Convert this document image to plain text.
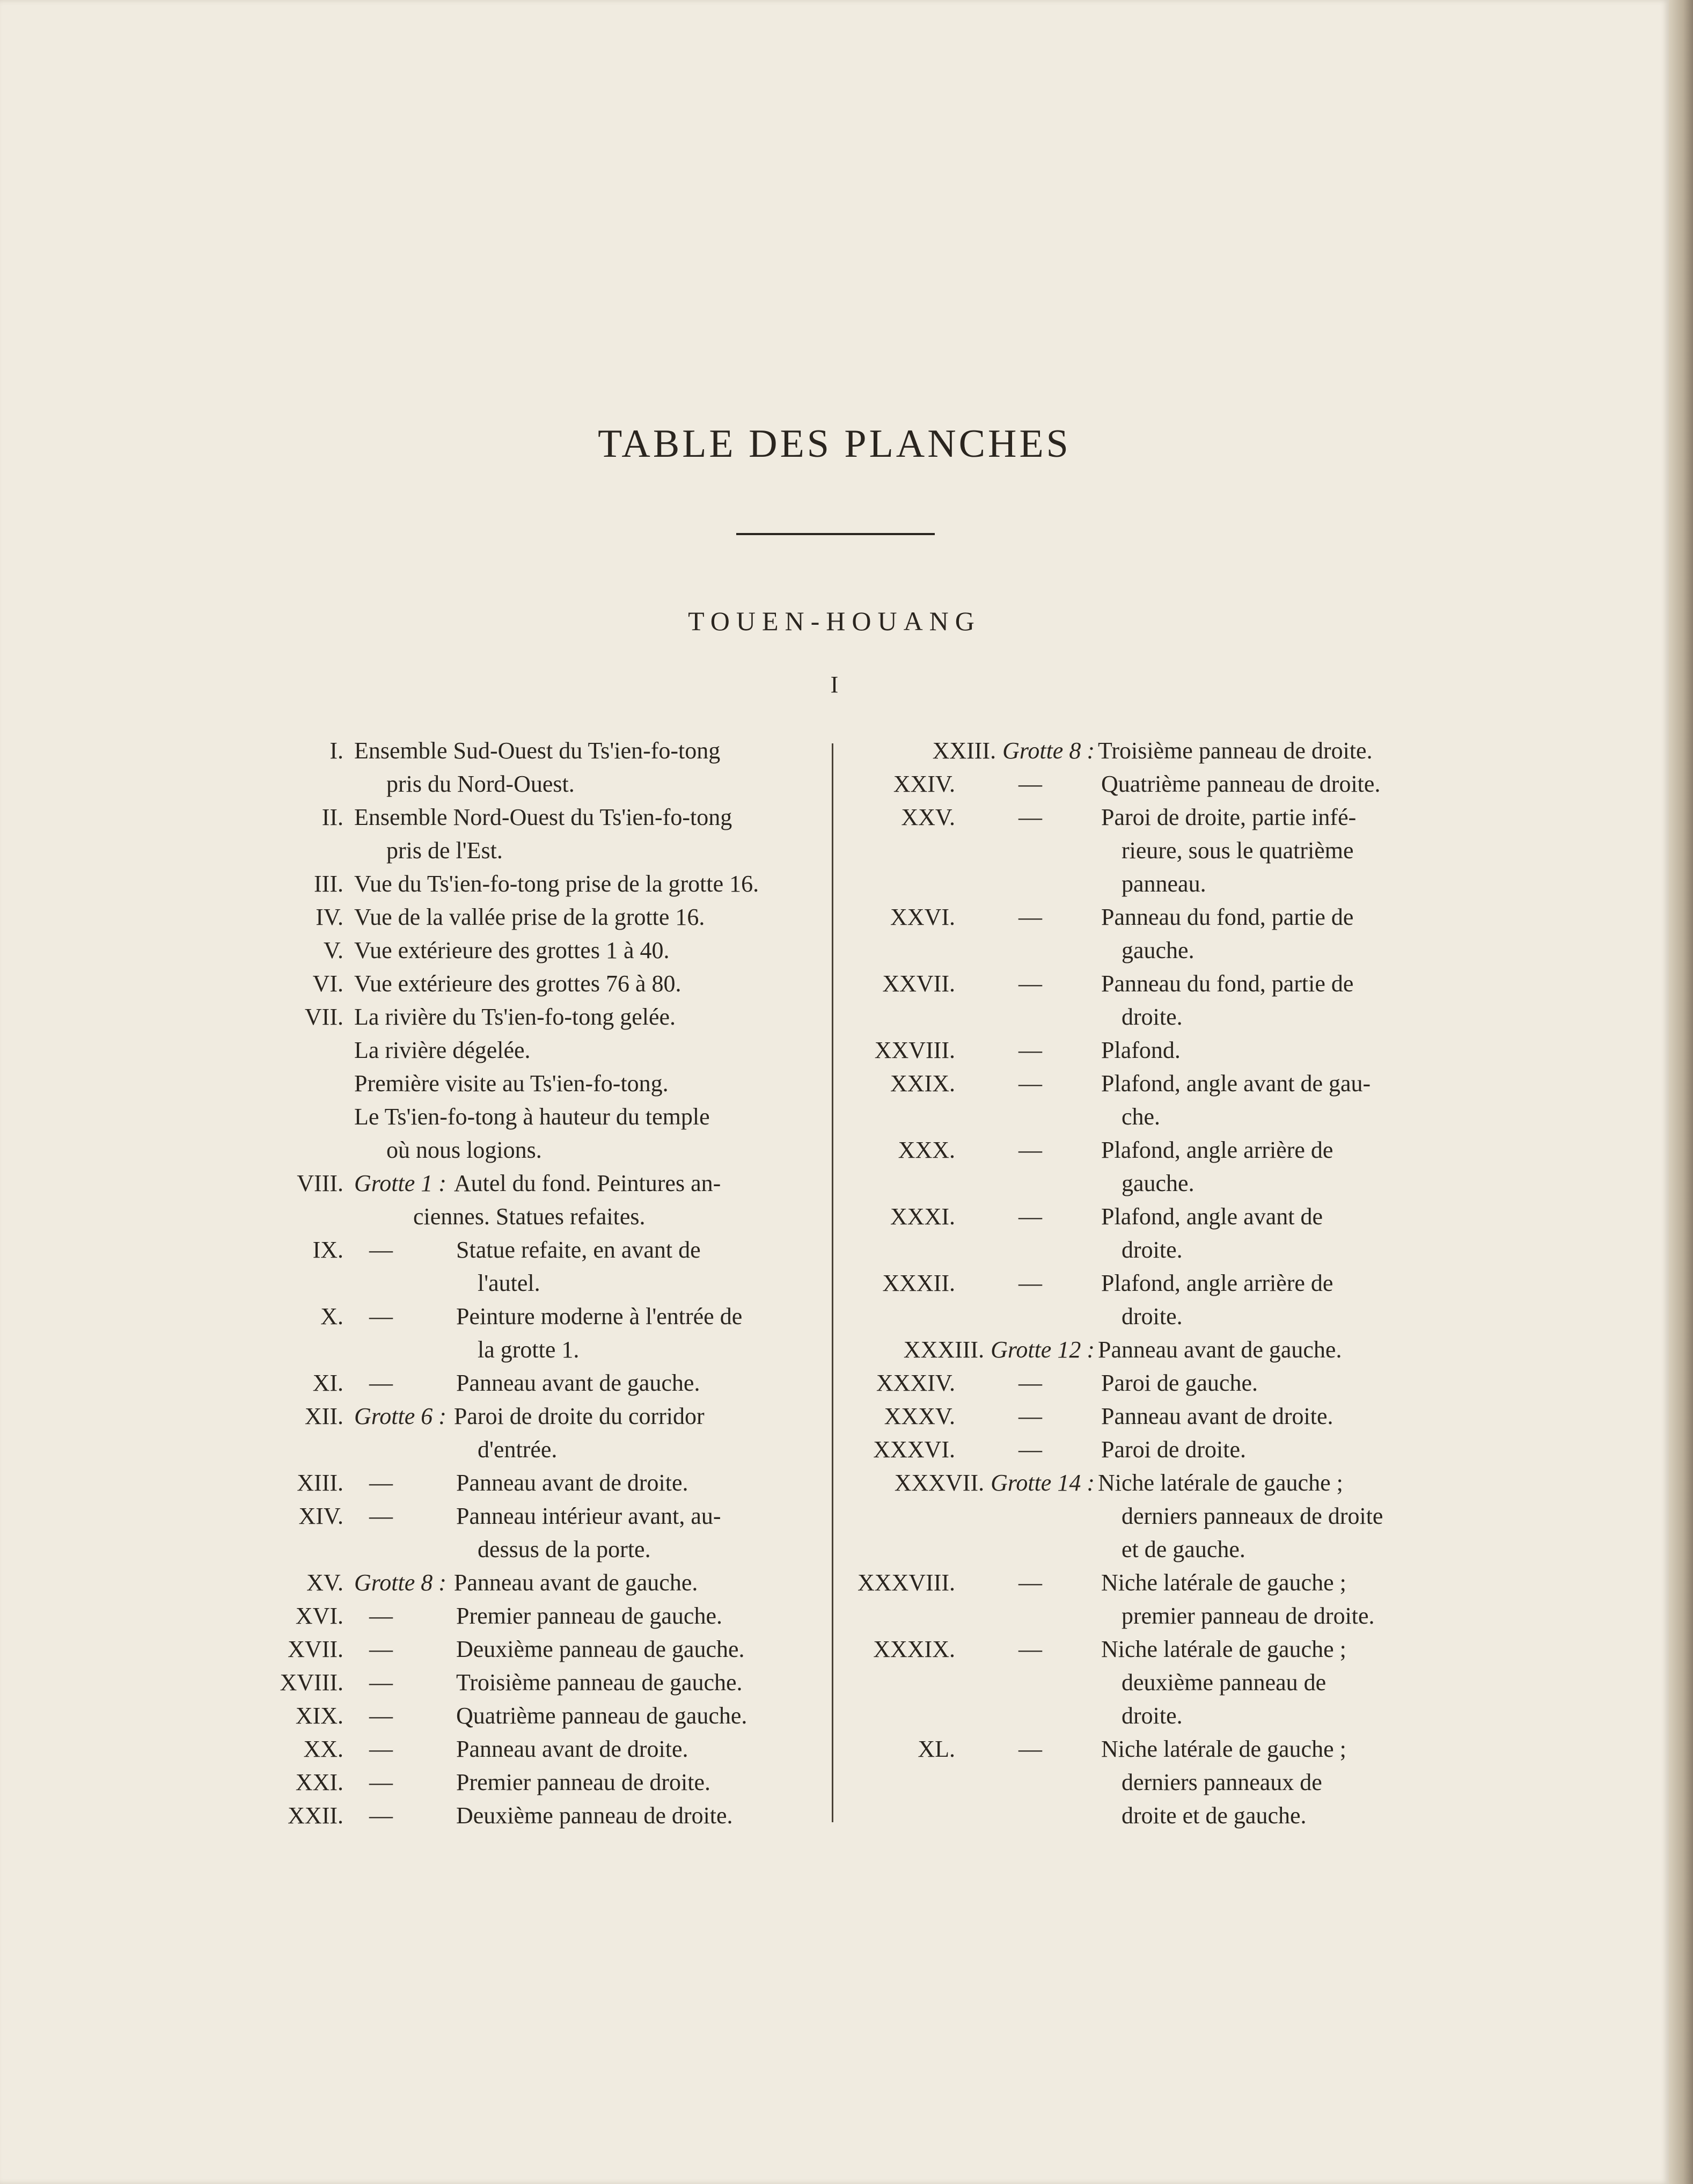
TABLE DES PLANCHES
TOUEN-HOUANG
I
I. Ensemble Sud-Ouest du Ts'ien-fo-tong
pris du Nord-Ouest.
II. Ensemble Nord-Ouest du Ts'ien-fo-tong
pris de l'Est.
III. Vue du Ts'ien-fo-tong prise de la grotte 16.
IV. Vue de la vallée prise de la grotte 16.
V. Vue extérieure des grottes 1 à 40.
VI. Vue extérieure des grottes 76 à 80.
VII. La rivière du Ts'ien-fo-tong gelée.
La rivière dégelée.
Première visite au Ts'ien-fo-tong.
Le Ts'ien-fo-tong à hauteur du temple
où nous logions.
VIII. Grotte 1 : Autel du fond. Peintures an-
ciennes. Statues refaites.
IX. —	Statue refaite, en avant de
l'autel.
X. —	Peinture moderne à l'entrée de
la grotte 1.
XI. —	Panneau avant de gauche.
XII. Grotte 6 : Paroi de droite du corridor
d'entrée.
XIII. —	Panneau avant de droite.
XIV. —	Panneau intérieur avant, au-
dessus de la porte.
XV. Grotte 8 : Panneau avant de gauche.
XVI. —	Premier panneau de gauche.
XVII. —	Deuxième panneau de gauche.
XVIII. —	Troisième panneau de gauche.
XIX. —	Quatrième panneau de gauche.
XX. —	Panneau avant de droite.
XXI. —	Premier panneau de droite.
XXII. —	Deuxième panneau de droite.
XXIII. Grotte 8 : Troisième panneau de droite.
XXIV.	—	Quatrième panneau de droite.
XXV.	—	Paroi de droite, partie infé-
rieure, sous le quatrième
panneau.
XXVI.	—	Panneau du fond, partie de
gauche.
XXVII.	—	Panneau du fond, partie de
droite.
XXVIII.	—	Plafond.
XXIX.	—	Plafond, angle avant de gau-
che.
XXX.	—	Plafond, angle arrière de
gauche.
XXXI.	—	Plafond, angle avant de
droite.
XXXII.	—	Plafond, angle arrière de
droite.
XXXIII. Grotte 12 : Panneau avant de gauche.
XXXIV.	—	Paroi de gauche.
XXXV.	—	Panneau avant de droite.
XXXVI.	—	Paroi de droite.
XXXVII. Grotte 14 : Niche latérale de gauche ;
derniers panneaux de droite
et de gauche.
XXXVIII.	—	Niche latérale de gauche ;
premier panneau de droite.
XXXIX.	—	Niche latérale de gauche ;
deuxième panneau de
droite.
XL.	—	Niche latérale de gauche ;
derniers panneaux de
droite et de gauche.
